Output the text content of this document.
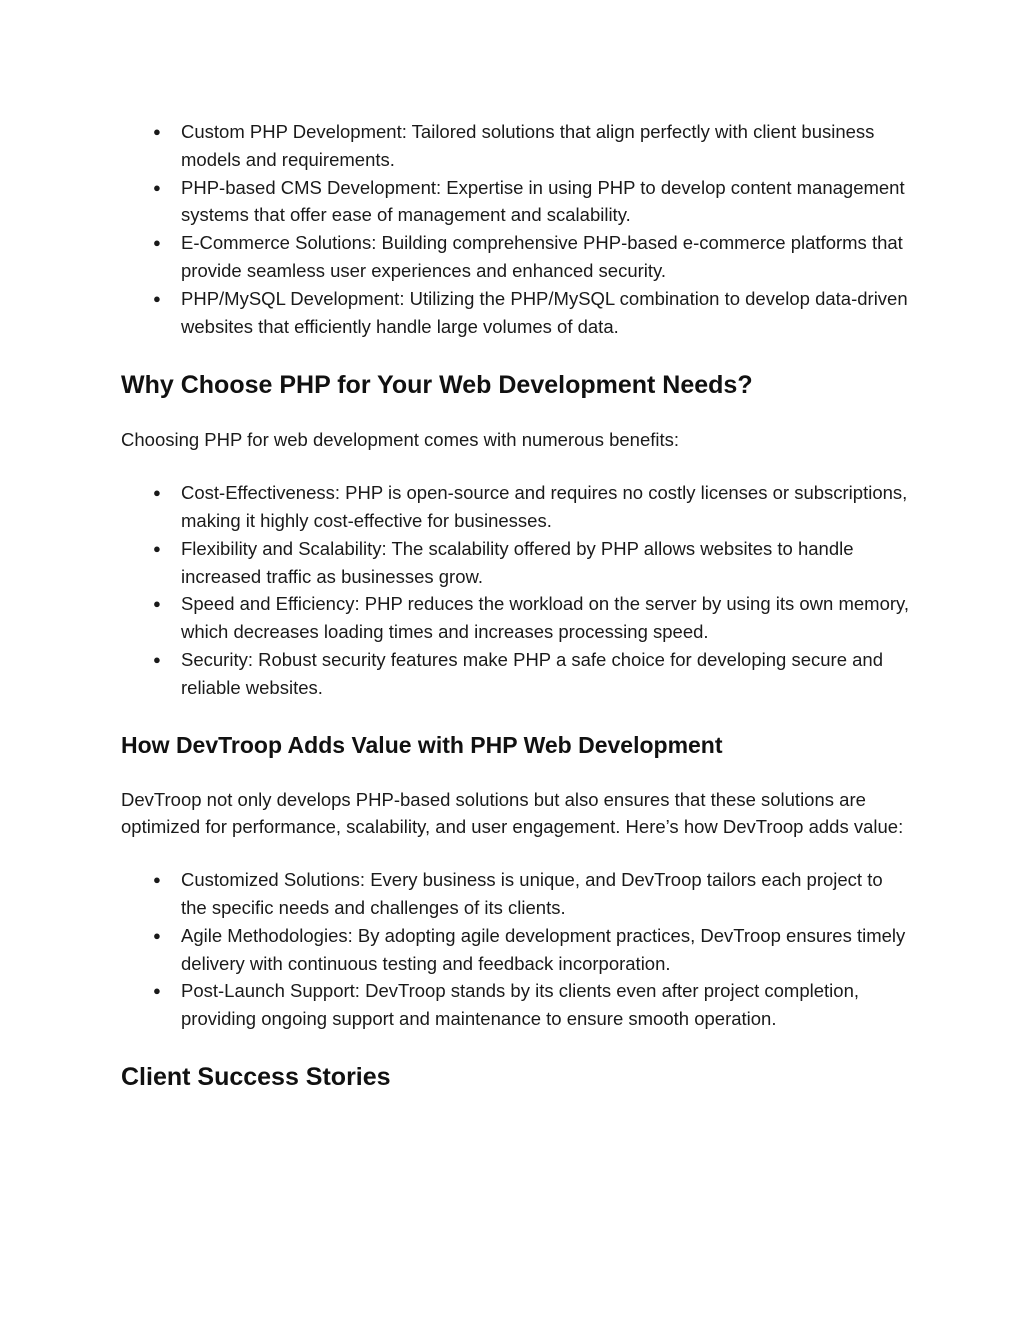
● Custom PHP Development: Tailored solutions that align perfectly with client business models and requirements.
● PHP-based CMS Development: Expertise in using PHP to develop content management systems that offer ease of management and scalability.
● E-Commerce Solutions: Building comprehensive PHP-based e-commerce platforms that provide seamless user experiences and enhanced security.
● PHP/MySQL Development: Utilizing the PHP/MySQL combination to develop data-driven websites that efficiently handle large volumes of data.
Why Choose PHP for Your Web Development Needs?

Choosing PHP for web development comes with numerous benefits:

● Cost-Effectiveness: PHP is open-source and requires no costly licenses or subscriptions, making it highly cost-effective for businesses.
● Flexibility and Scalability: The scalability offered by PHP allows websites to handle increased traffic as businesses grow.
● Speed and Efficiency: PHP reduces the workload on the server by using its own memory, which decreases loading times and increases processing speed.
● Security: Robust security features make PHP a safe choice for developing secure and reliable websites.
How DevTroop Adds Value with PHP Web Development

DevTroop not only develops PHP-based solutions but also ensures that these solutions are optimized for performance, scalability, and user engagement. Here’s how DevTroop adds value:

● Customized Solutions: Every business is unique, and DevTroop tailors each project to the specific needs and challenges of its clients.
● Agile Methodologies: By adopting agile development practices, DevTroop ensures timely delivery with continuous testing and feedback incorporation.
● Post-Launch Support: DevTroop stands by its clients even after project completion, providing ongoing support and maintenance to ensure smooth operation.
Client Success Stories
